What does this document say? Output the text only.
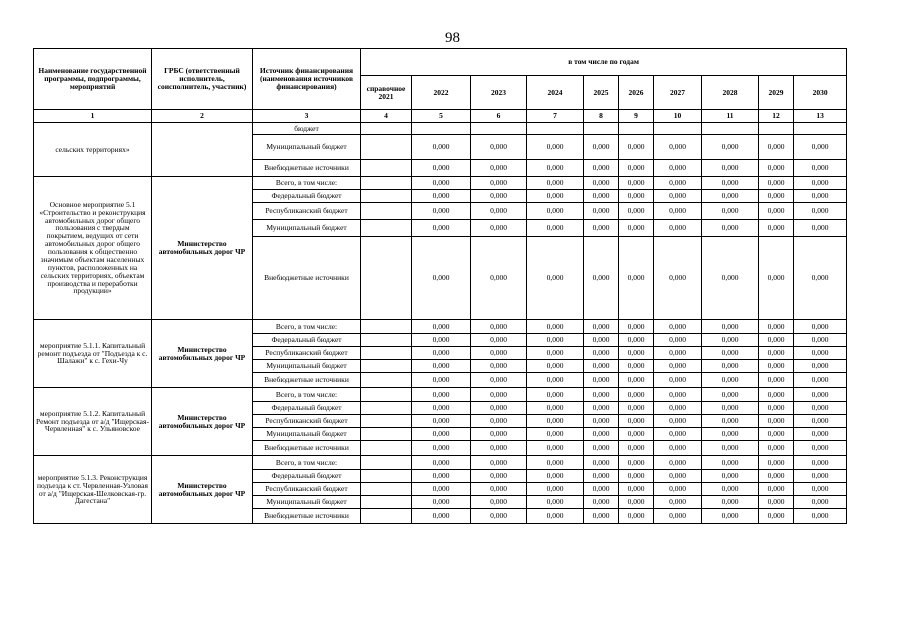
98
Наименование государственной программы, подпрограммы, мероприятий	ГРБС (ответственный исполнитель, соисполнитель, участник)	Источник финансирования (наименования источников финансирования)	в том числе по годам									
			справочное 2021	2022	2023	2024	2025	2026	2027	2028	2029	2030
1	2	3	4	5	6	7	8	9	10	11	12	13
сельских территориях»		бюджет										
		Муниципальный бюджет		0,000	0,000	0,000	0,000	0,000	0,000	0,000	0,000	0,000
		Внебюджетные источники		0,000	0,000	0,000	0,000	0,000	0,000	0,000	0,000	0,000
Основное мероприятие 5.1 «Строительство и реконструкция автомобильных дорог общего пользования с твердым покрытием, ведущих от сети автомобильных дорог общего пользования к общественно значимым объектам населенных пунктов, расположенных на сельских территориях, объектам производства и переработки продукции»	Министерство автомобильных дорог ЧР	Всего, в том числе:		0,000	0,000	0,000	0,000	0,000	0,000	0,000	0,000	0,000
		Федеральный бюджет		0,000	0,000	0,000	0,000	0,000	0,000	0,000	0,000	0,000
		Республиканский бюджет		0,000	0,000	0,000	0,000	0,000	0,000	0,000	0,000	0,000
		Муниципальный бюджет		0,000	0,000	0,000	0,000	0,000	0,000	0,000	0,000	0,000
		Внебюджетные источники		0,000	0,000	0,000	0,000	0,000	0,000	0,000	0,000	0,000
мероприятие 5.1.1. Капитальный ремонт подъезда от "Подъезда к с. Шалажи" к с. Гехи-Чу	Министерство автомобильных дорог ЧР	Всего, в том числе:		0,000	0,000	0,000	0,000	0,000	0,000	0,000	0,000	0,000
		Федеральный бюджет		0,000	0,000	0,000	0,000	0,000	0,000	0,000	0,000	0,000
		Республиканский бюджет		0,000	0,000	0,000	0,000	0,000	0,000	0,000	0,000	0,000
		Муниципальный бюджет		0,000	0,000	0,000	0,000	0,000	0,000	0,000	0,000	0,000
		Внебюджетные источники		0,000	0,000	0,000	0,000	0,000	0,000	0,000	0,000	0,000
мероприятие 5.1.2. Капитальный Ремонт подъезда от а/д "Ищерская-Червленная" к с. Ульяновское	Министерство автомобильных дорог ЧР	Всего, в том числе:		0,000	0,000	0,000	0,000	0,000	0,000	0,000	0,000	0,000
		Федеральный бюджет		0,000	0,000	0,000	0,000	0,000	0,000	0,000	0,000	0,000
		Республиканский бюджет		0,000	0,000	0,000	0,000	0,000	0,000	0,000	0,000	0,000
		Муниципальный бюджет		0,000	0,000	0,000	0,000	0,000	0,000	0,000	0,000	0,000
		Внебюджетные источники		0,000	0,000	0,000	0,000	0,000	0,000	0,000	0,000	0,000
мероприятие 5.1.3. Реконструкция подъезда к ст. Червленная-Узловая от а/д "Ищерская-Шелковская-гр. Дагестана"	Министерство автомобильных дорог ЧР	Всего, в том числе:		0,000	0,000	0,000	0,000	0,000	0,000	0,000	0,000	0,000
		Федеральный бюджет		0,000	0,000	0,000	0,000	0,000	0,000	0,000	0,000	0,000
		Республиканский бюджет		0,000	0,000	0,000	0,000	0,000	0,000	0,000	0,000	0,000
		Муниципальный бюджет		0,000	0,000	0,000	0,000	0,000	0,000	0,000	0,000	0,000
		Внебюджетные источники		0,000	0,000	0,000	0,000	0,000	0,000	0,000	0,000	0,000
